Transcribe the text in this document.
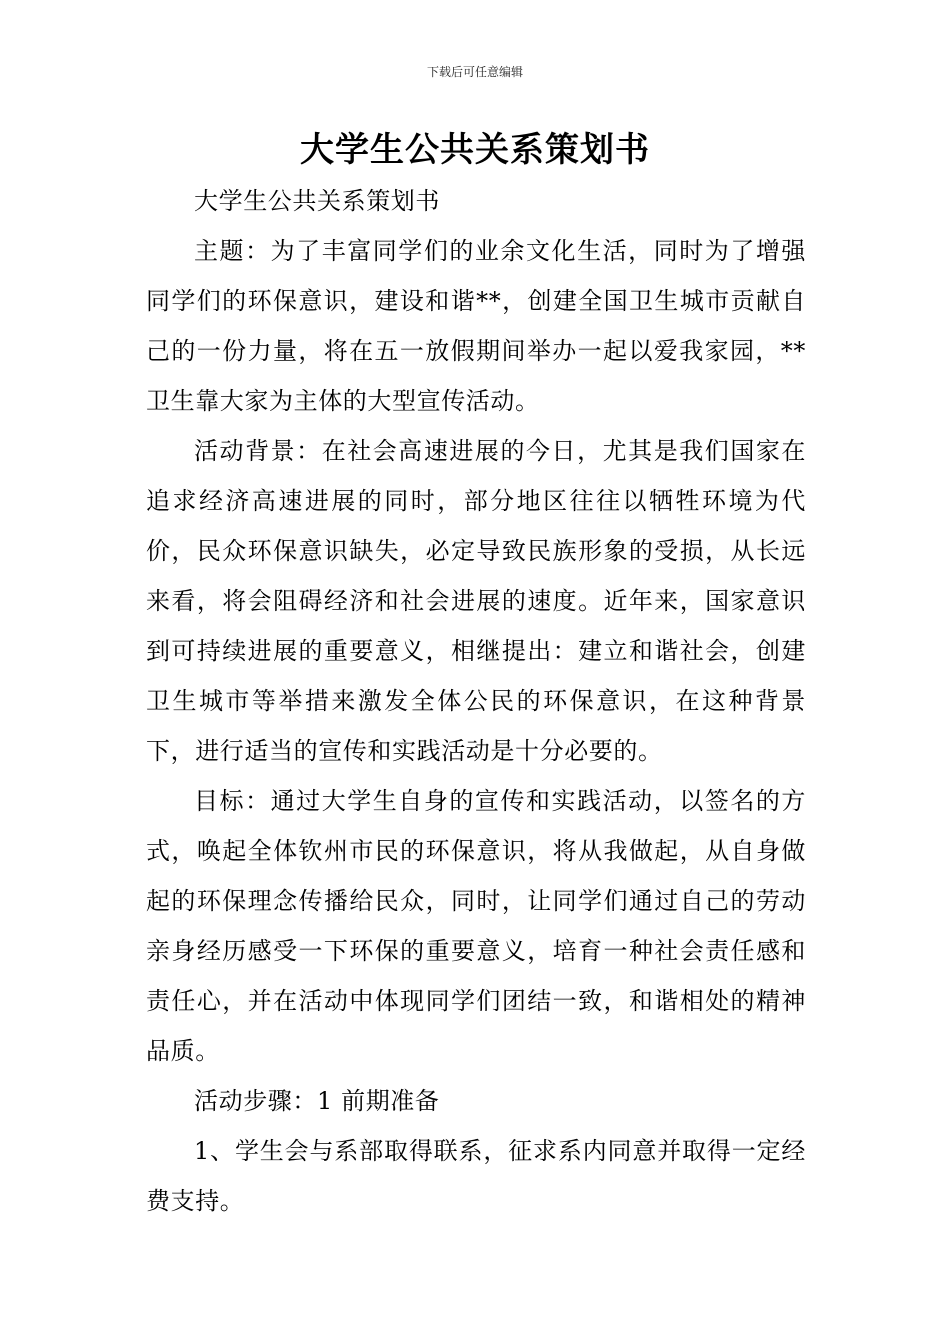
下载后可任意编辑
大学生公共关系策划书

大学生公共关系策划书

主题：为了丰富同学们的业余文化生活，同时为了增强同学们的环保意识，建设和谐**，创建全国卫生城市贡献自己的一份力量，将在五一放假期间举办一起以爱我家园，**卫生靠大家为主体的大型宣传活动。

活动背景：在社会高速进展的今日，尤其是我们国家在追求经济高速进展的同时，部分地区往往以牺牲环境为代价，民众环保意识缺失，必定导致民族形象的受损，从长远来看，将会阻碍经济和社会进展的速度。近年来，国家意识到可持续进展的重要意义，相继提出：建立和谐社会，创建卫生城市等举措来激发全体公民的环保意识，在这种背景下，进行适当的宣传和实践活动是十分必要的。

目标：通过大学生自身的宣传和实践活动，以签名的方式，唤起全体钦州市民的环保意识，将从我做起，从自身做起的环保理念传播给民众，同时，让同学们通过自己的劳动亲身经历感受一下环保的重要意义，培育一种社会责任感和责任心，并在活动中体现同学们团结一致，和谐相处的精神品质。

活动步骤：1 前期准备

1、学生会与系部取得联系，征求系内同意并取得一定经费支持。
